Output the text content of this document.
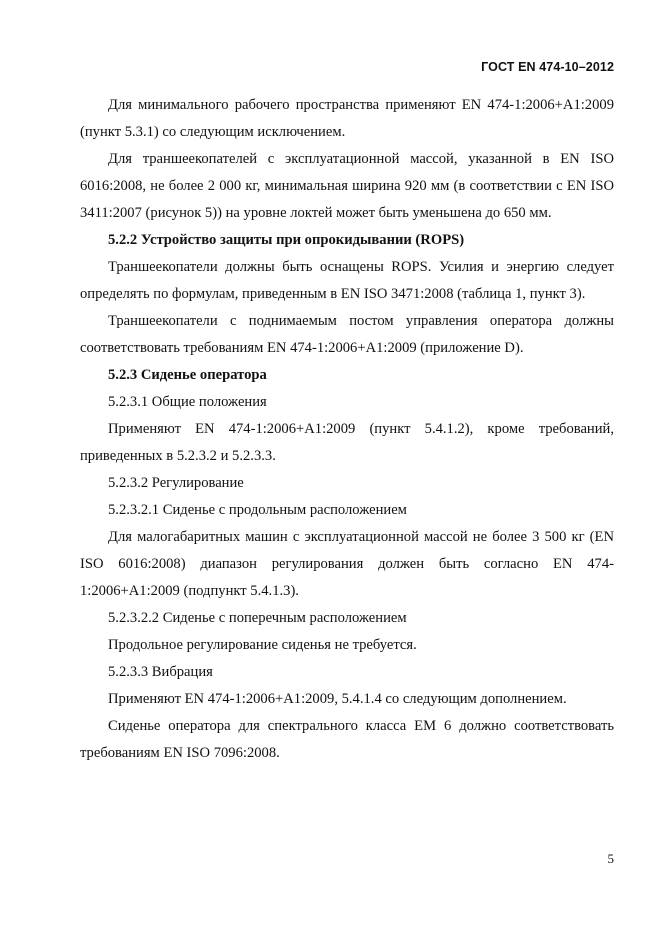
ГОСТ EN 474-10–2012

Для минимального рабочего пространства применяют EN 474-1:2006+A1:2009 (пункт 5.3.1) со следующим исключением.

Для траншеекопателей с эксплуатационной массой, указанной в EN ISO 6016:2008, не более 2 000 кг, минимальная ширина 920 мм (в соответствии с EN ISO 3411:2007 (рисунок 5)) на уровне локтей может быть уменьшена до 650 мм.

5.2.2 Устройство защиты при опрокидывании (ROPS)

Траншеекопатели должны быть оснащены ROPS. Усилия и энергию следует определять по формулам, приведенным в EN ISO 3471:2008 (таблица 1, пункт 3).

Траншеекопатели с поднимаемым постом управления оператора должны соответствовать требованиям EN 474-1:2006+A1:2009 (приложение D).

5.2.3 Сиденье оператора

5.2.3.1 Общие положения

Применяют EN 474-1:2006+A1:2009 (пункт 5.4.1.2), кроме требований, приведенных в 5.2.3.2 и 5.2.3.3.

5.2.3.2 Регулирование

5.2.3.2.1 Сиденье с продольным расположением

Для малогабаритных машин с эксплуатационной массой не более 3 500 кг (EN ISO 6016:2008) диапазон регулирования должен быть согласно EN 474-1:2006+A1:2009 (подпункт 5.4.1.3).

5.2.3.2.2 Сиденье с поперечным расположением

Продольное регулирование сиденья не требуется.

5.2.3.3 Вибрация

Применяют EN 474-1:2006+A1:2009, 5.4.1.4 со следующим дополнением.

Сиденье оператора для спектрального класса EM 6 должно соответствовать требованиям EN ISO 7096:2008.

5
